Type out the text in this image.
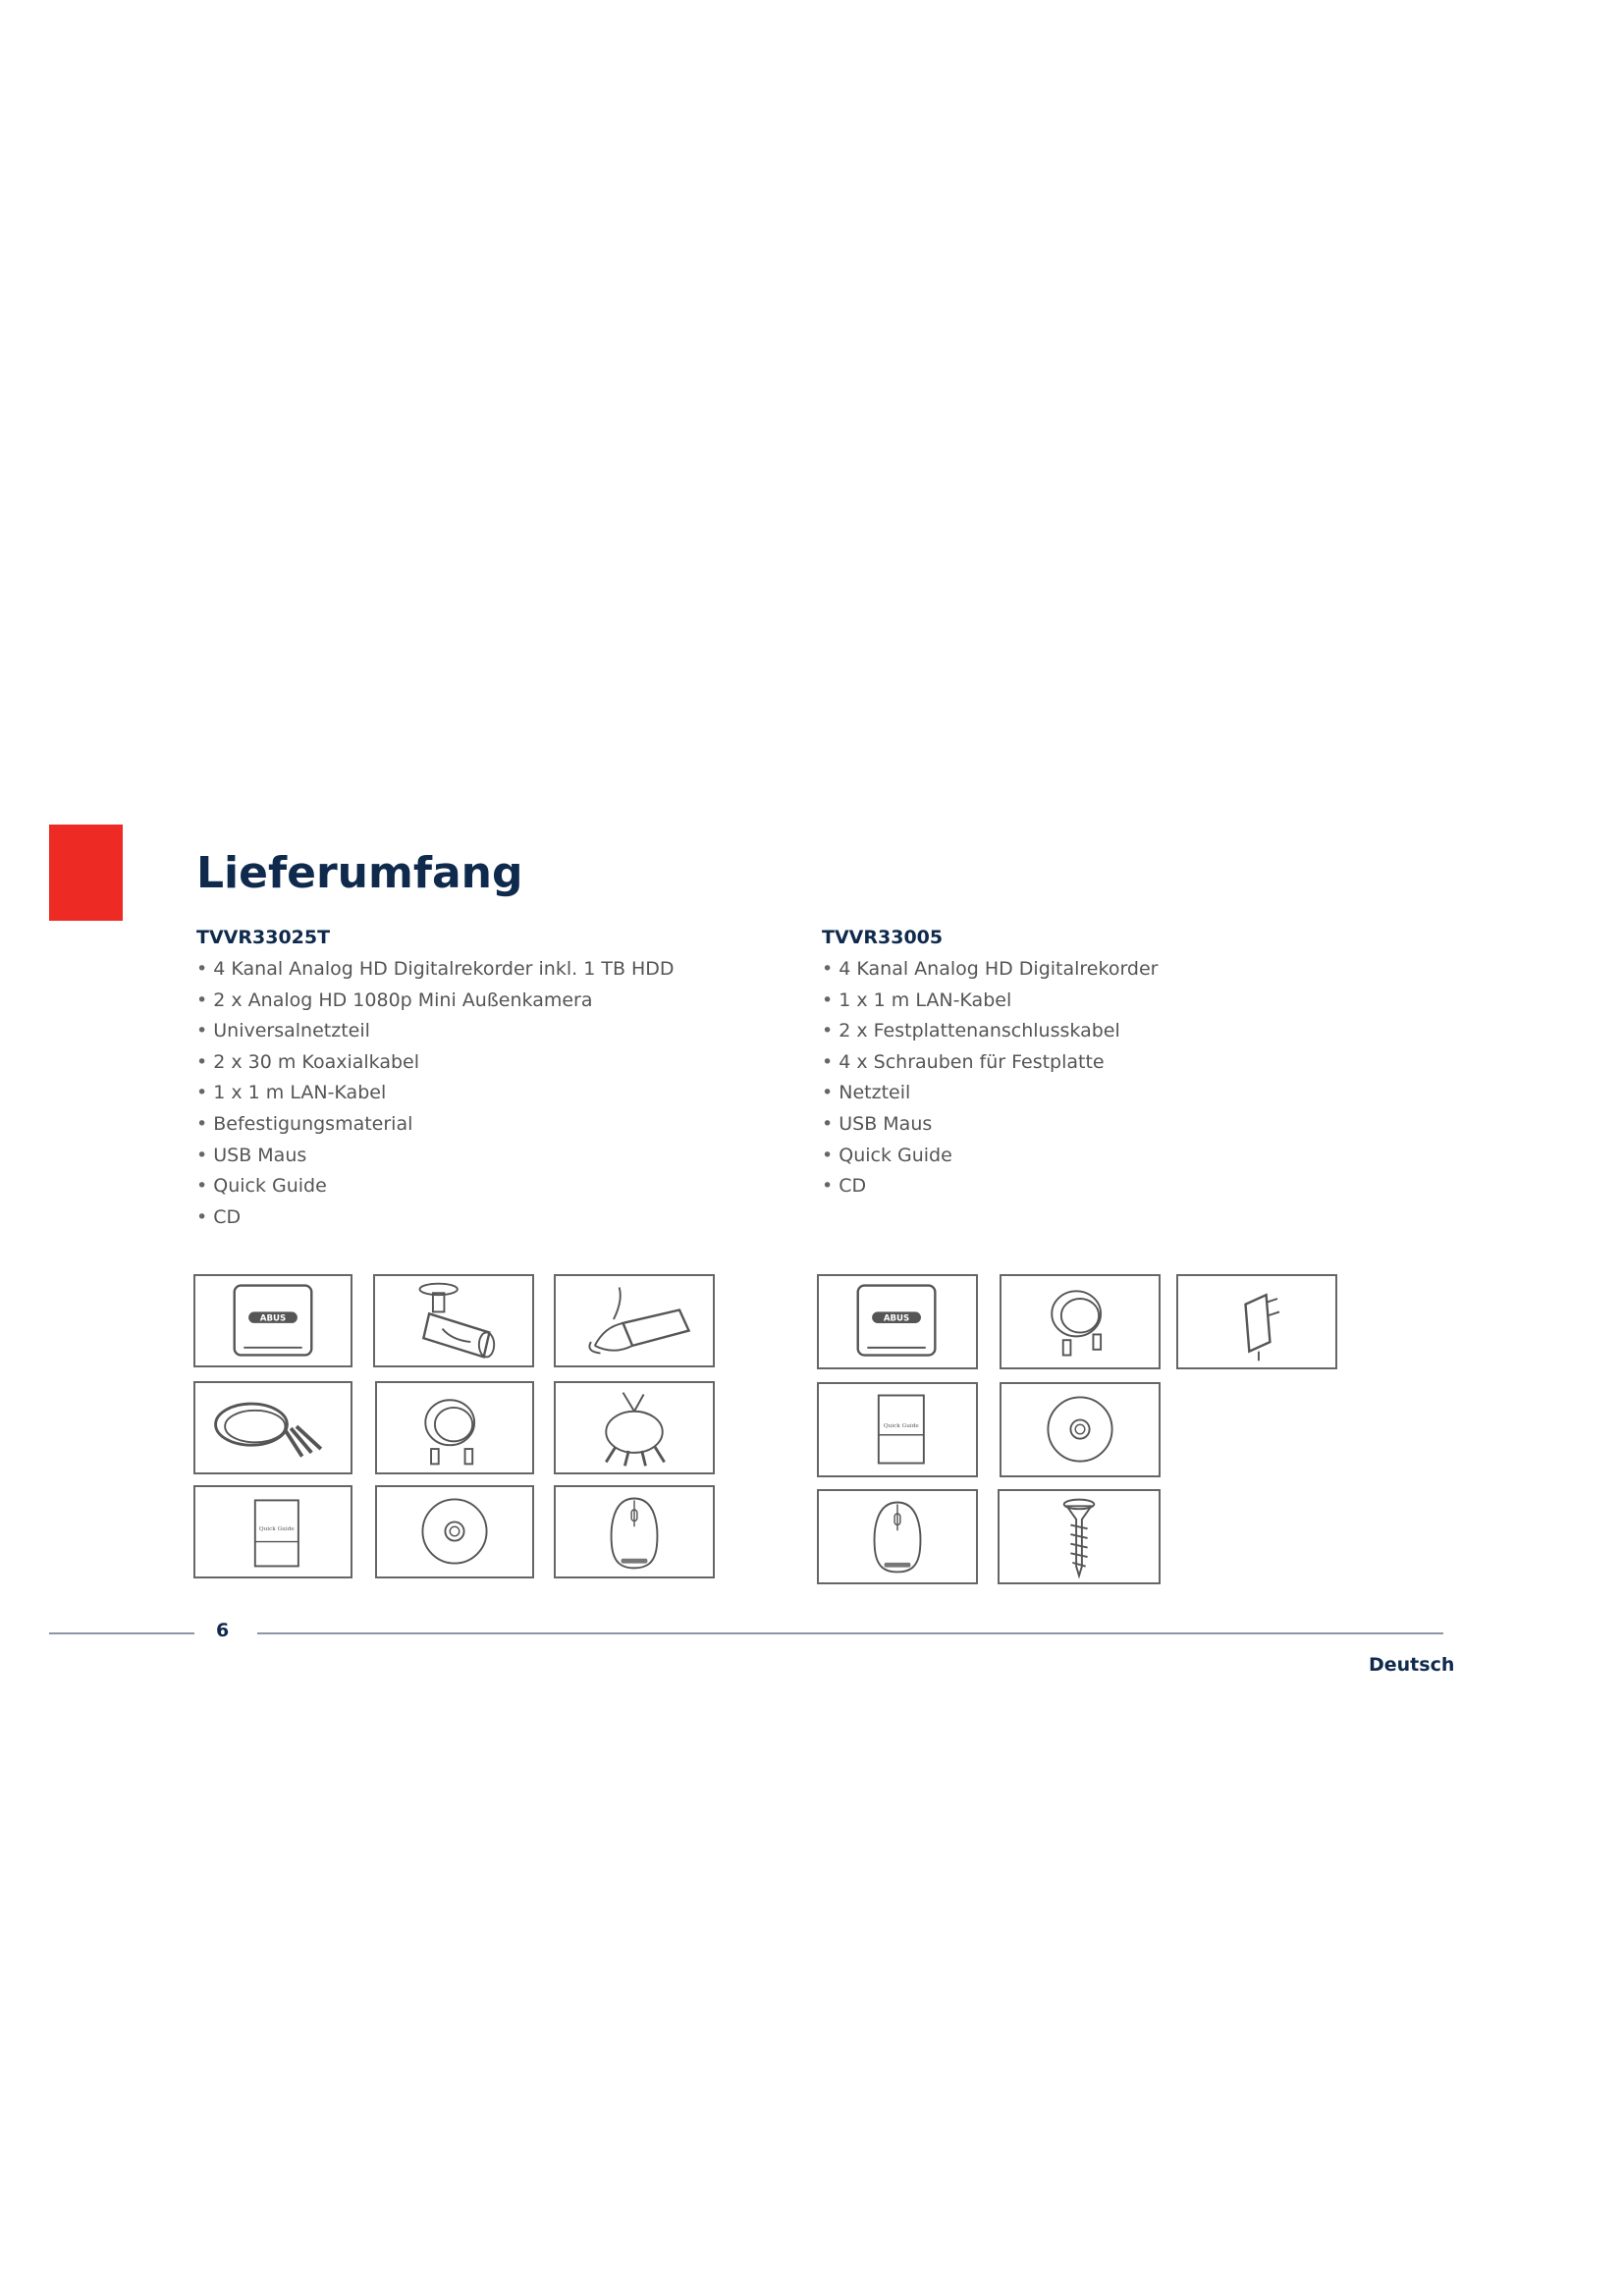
Lieferumfang
TVVR33025T
• 4 Kanal Analog HD Digitalrekorder inkl. 1 TB HDD
• 2 x Analog HD 1080p Mini Außenkamera
• Universalnetzteil
• 2 x 30 m Koaxialkabel
• 1 x 1 m LAN-Kabel
• Befestigungsmaterial
• USB Maus
• Quick Guide
• CD
TVVR33005
• 4 Kanal Analog HD Digitalrekorder
• 1 x 1 m LAN-Kabel
• 2 x Festplattenanschlusskabel
• 4 x Schrauben für Festplatte
• Netzteil
• USB Maus
• Quick Guide
• CD
ABUS
Quick Guide
ABUS
Quick Guide
6
Deutsch
